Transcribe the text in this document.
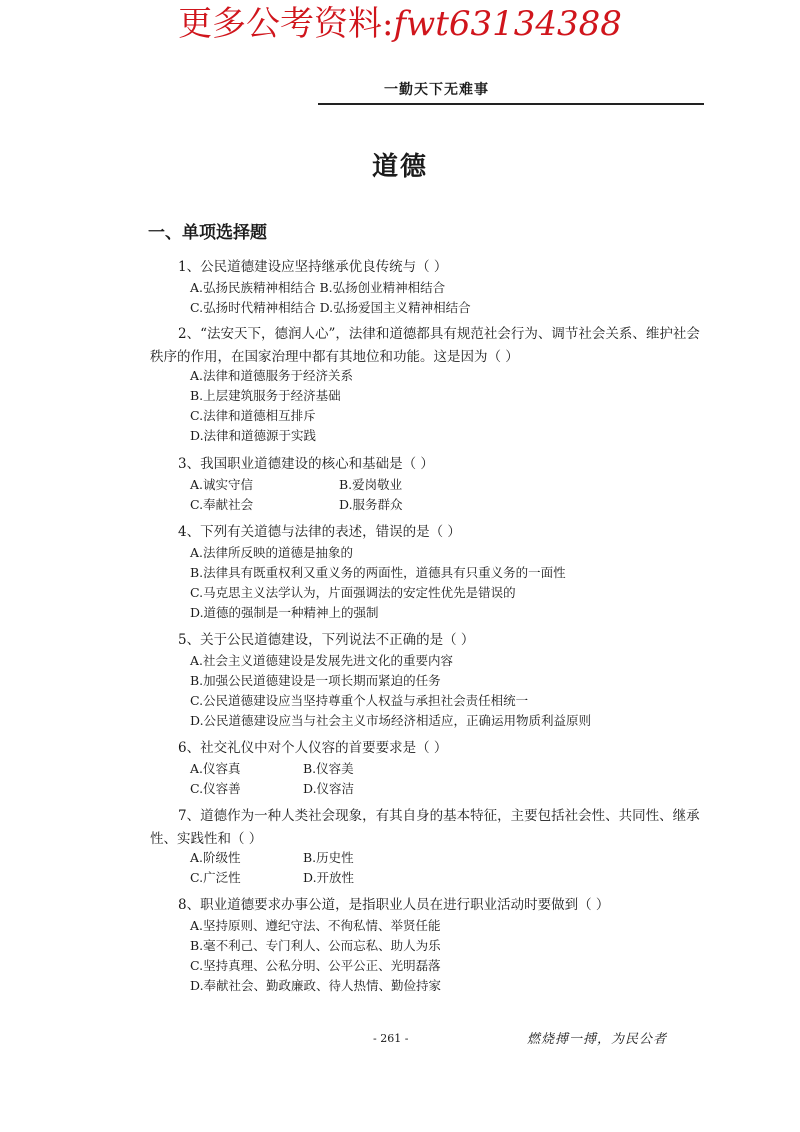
更多公考资料:fwt63134388
一勤天下无难事
道德
一、单项选择题
1、公民道德建设应坚持继承优良传统与（ ）
A.弘扬民族精神相结合 B.弘扬创业精神相结合
C.弘扬时代精神相结合 D.弘扬爱国主义精神相结合
2、“法安天下，德润人心”，法律和道德都具有规范社会行为、调节社会关系、维护社会秩序的作用，在国家治理中都有其地位和功能。这是因为（ ）
A.法律和道德服务于经济关系
B.上层建筑服务于经济基础
C.法律和道德相互排斥
D.法律和道德源于实践
3、我国职业道德建设的核心和基础是（ ）
A.诚实守信	B.爱岗敬业
C.奉献社会	D.服务群众
4、下列有关道德与法律的表述，错误的是（ ）
A.法律所反映的道德是抽象的
B.法律具有既重权利又重义务的两面性，道德具有只重义务的一面性
C.马克思主义法学认为，片面强调法的安定性优先是错误的
D.道德的强制是一种精神上的强制
5、关于公民道德建设，下列说法不正确的是（ ）
A.社会主义道德建设是发展先进文化的重要内容
B.加强公民道德建设是一项长期而紧迫的任务
C.公民道德建设应当坚持尊重个人权益与承担社会责任相统一
D.公民道德建设应当与社会主义市场经济相适应，正确运用物质利益原则
6、社交礼仪中对个人仪容的首要要求是（ ）
A.仪容真	B.仪容美
C.仪容善	D.仪容洁
7、道德作为一种人类社会现象，有其自身的基本特征，主要包括社会性、共同性、继承性、实践性和（ ）
A.阶级性	B.历史性
C.广泛性	D.开放性
8、职业道德要求办事公道，是指职业人员在进行职业活动时要做到（ ）
A.坚持原则、遵纪守法、不徇私情、举贤任能
B.毫不利己、专门利人、公而忘私、助人为乐
C.坚持真理、公私分明、公平公正、光明磊落
D.奉献社会、勤政廉政、待人热情、勤俭持家
- 261 -	燃烧搏一搏，为民公者
